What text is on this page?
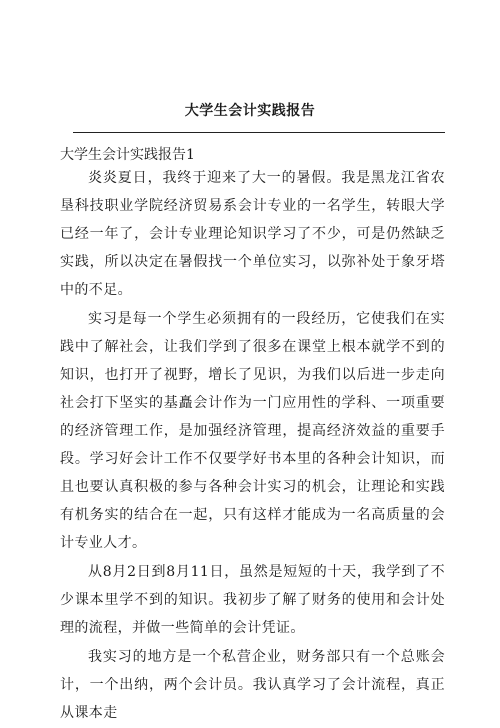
大学生会计实践报告

大学生会计实践报告1

炎炎夏日，我终于迎来了大一的暑假。我是黑龙江省农垦科技职业学院经济贸易系会计专业的一名学生，转眼大学已经一年了，会计专业理论知识学习了不少，可是仍然缺乏实践，所以决定在暑假找一个单位实习，以弥补处于象牙塔中的不足。

实习是每一个学生必须拥有的一段经历，它使我们在实践中了解社会，让我们学到了很多在课堂上根本就学不到的知识，也打开了视野，增长了见识，为我们以后进一步走向社会打下坚实的基矗会计作为一门应用性的学科、一项重要的经济管理工作，是加强经济管理，提高经济效益的重要手段。学习好会计工作不仅要学好书本里的各种会计知识，而且也要认真积极的参与各种会计实习的机会，让理论和实践有机务实的结合在一起，只有这样才能成为一名高质量的会计专业人才。

从8月2日到8月11日，虽然是短短的十天，我学到了不少课本里学不到的知识。我初步了解了财务的使用和会计处理的流程，并做一些简单的会计凭证。

我实习的地方是一个私营企业，财务部只有一个总账会计，一个出纳，两个会计员。我认真学习了会计流程，真正从课本走
